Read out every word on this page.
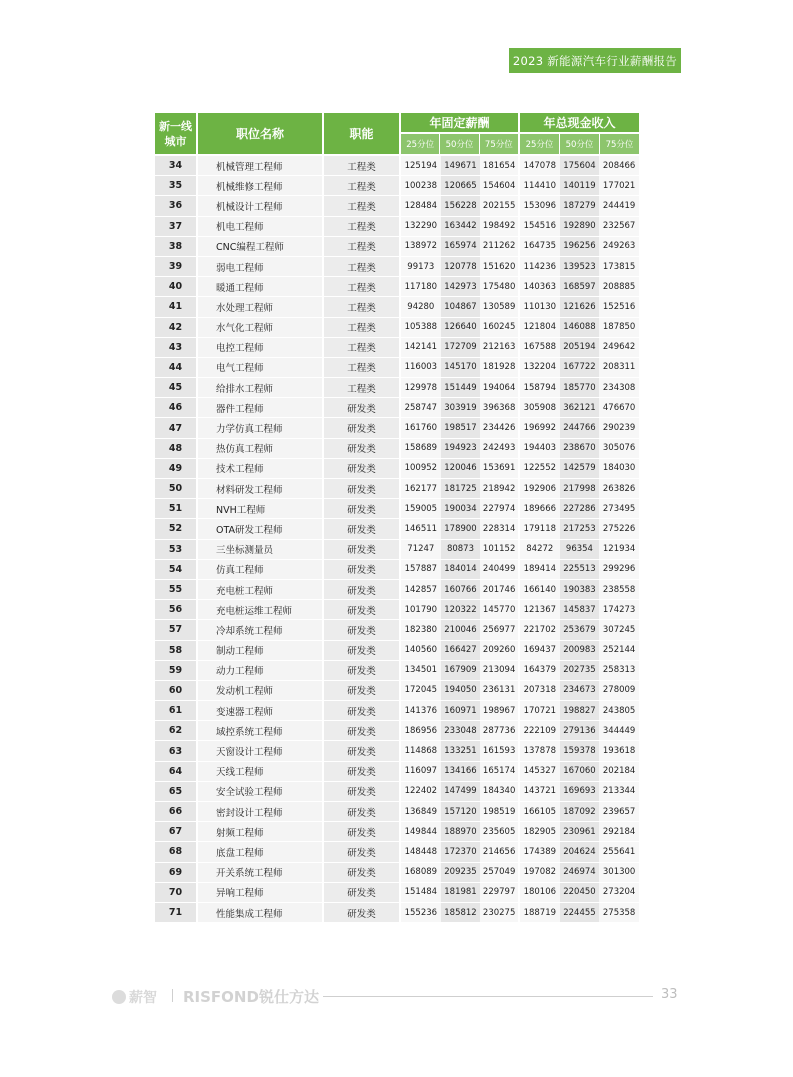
2023 新能源汽车行业薪酬报告
新一线
城市	职位名称	职能
年固定薪酬
25分位	50分位	75分位
年总现金收入
25分位	50分位	75分位
34	机械管理工程师	工程类	125194 149671 181654 147078 175604 208466
35	机械维修工程师	工程类	100238 120665 154604 114410 140119 177021
36	机械设计工程师	工程类	128484 156228 202155 153096 187279 244419
37	机电工程师	工程类	132290 163442 198492 154516 192890 232567
38	CNC编程工程师	工程类	138972 165974 211262 164735 196256 249263
39	弱电工程师	工程类	99173	120778 151620 114236 139523 173815
40	暖通工程师	工程类	117180 142973 175480 140363 168597 208885
41	水处理工程师	工程类	94280	104867 130589 110130 121626 152516
42	水气化工程师	工程类	105388 126640 160245 121804 146088 187850
43	电控工程师	工程类	142141 172709 212163 167588 205194 249642
44	电气工程师	工程类	116003 145170 181928 132204 167722 208311
45	给排水工程师	工程类	129978 151449 194064 158794 185770 234308
46	器件工程师	研发类	258747 303919 396368 305908 362121 476670
47	力学仿真工程师	研发类	161760 198517 234426 196992 244766 290239
48	热仿真工程师	研发类	158689 194923 242493 194403 238670 305076
49	技术工程师	研发类	100952 120046 153691 122552 142579 184030
50	材料研发工程师	研发类	162177 181725 218942 192906 217998 263826
51	NVH工程师	研发类	159005 190034 227974 189666 227286 273495
52	OTA研发工程师	研发类	146511 178900 228314 179118 217253 275226
53	三坐标测量员	研发类	71247	80873	101152	84272	96354	121934
54	仿真工程师	研发类	157887 184014 240499 189414 225513 299296
55	充电桩工程师	研发类	142857 160766 201746 166140 190383 238558
56	充电桩运维工程师	研发类	101790 120322 145770 121367 145837 174273
57	冷却系统工程师	研发类	182380 210046 256977 221702 253679 307245
58	制动工程师	研发类	140560 166427 209260 169437 200983 252144
59	动力工程师	研发类	134501 167909 213094 164379 202735 258313
60	发动机工程师	研发类	172045 194050 236131 207318 234673 278009
61	变速器工程师	研发类	141376 160971 198967 170721 198827 243805
62	域控系统工程师	研发类	186956 233048 287736 222109 279136 344449
63	天窗设计工程师	研发类	114868 133251 161593 137878 159378 193618
64	天线工程师	研发类	116097 134166 165174 145327 167060 202184
65	安全试验工程师	研发类	122402 147499 184340 143721 169693 213344
66	密封设计工程师	研发类	136849 157120 198519 166105 187092 239657
67	射频工程师	研发类	149844 188970 235605 182905 230961 292184
68	底盘工程师	研发类	148448 172370 214656 174389 204624 255641
69	开关系统工程师	研发类	168089 209235 257049 197082 246974 301300
70	异响工程师	研发类	151484 181981 229797 180106 220450 273204
71	性能集成工程师	研发类	155236 185812 230275 188719 224455 275358
薪智 RISFOND锐仕方达	33
